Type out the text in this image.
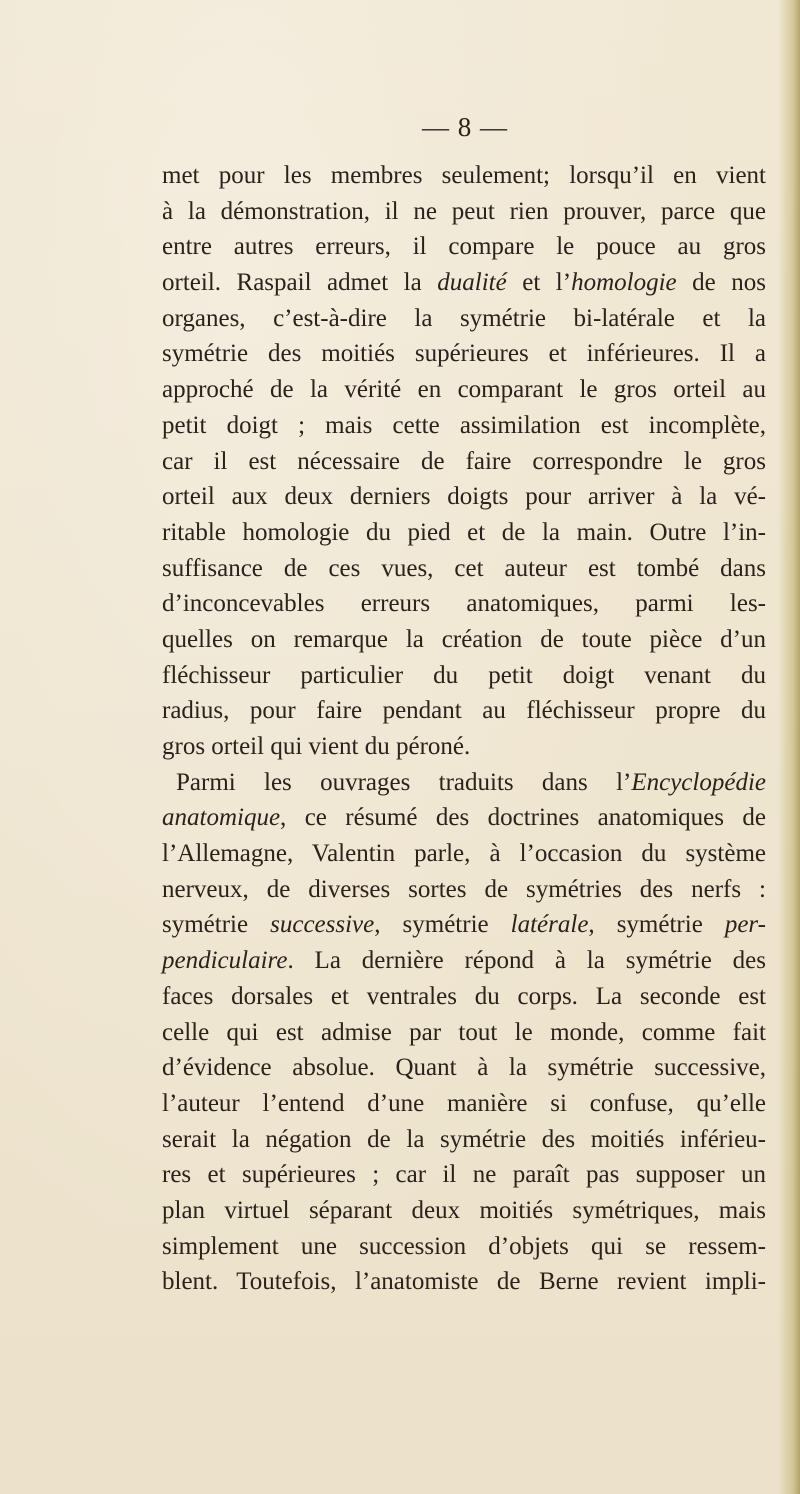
— 8 —
met pour les membres seulement; lorsqu’il en vient
à la démonstration, il ne peut rien prouver, parce que
entre autres erreurs, il compare le pouce au gros
orteil. Raspail admet la dualité et l’homologie de nos
organes, c’est-à-dire la symétrie bi-latérale et la
symétrie des moitiés supérieures et inférieures. Il a
approché de la vérité en comparant le gros orteil au
petit doigt ; mais cette assimilation est incomplète,
car il est nécessaire de faire correspondre le gros
orteil aux deux derniers doigts pour arriver à la vé-
ritable homologie du pied et de la main. Outre l’in-
suffisance de ces vues, cet auteur est tombé dans
d’inconcevables erreurs anatomiques, parmi les-
quelles on remarque la création de toute pièce d’un
fléchisseur particulier du petit doigt venant du
radius, pour faire pendant au fléchisseur propre du
gros orteil qui vient du péroné.
Parmi les ouvrages traduits dans l’Encyclopédie
anatomique, ce résumé des doctrines anatomiques de
l’Allemagne, Valentin parle, à l’occasion du système
nerveux, de diverses sortes de symétries des nerfs :
symétrie successive, symétrie latérale, symétrie per-
pendiculaire. La dernière répond à la symétrie des
faces dorsales et ventrales du corps. La seconde est
celle qui est admise par tout le monde, comme fait
d’évidence absolue. Quant à la symétrie successive,
l’auteur l’entend d’une manière si confuse, qu’elle
serait la négation de la symétrie des moitiés inférieu-
res et supérieures ; car il ne paraît pas supposer un
plan virtuel séparant deux moitiés symétriques, mais
simplement une succession d’objets qui se ressem-
blent. Toutefois, l’anatomiste de Berne revient impli-
